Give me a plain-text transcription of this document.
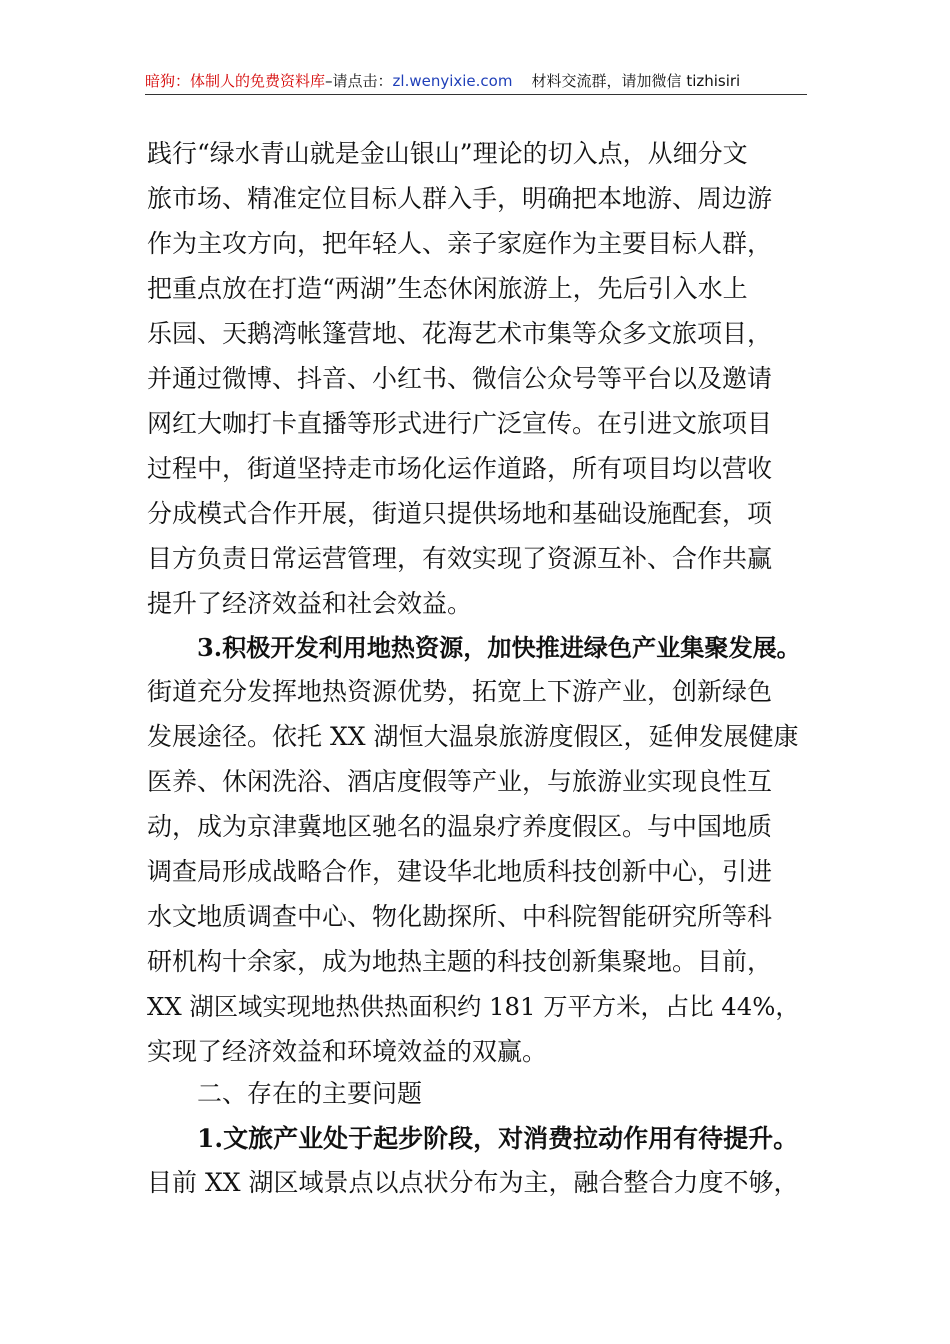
暗狗：体制人的免费资料库–请点击：zl.wenyixie.com 材料交流群，请加微信 tizhisiri
践行“绿水青山就是金山银山”理论的切入点，从细分文
旅市场、精准定位目标人群入手，明确把本地游、周边游
作为主攻方向，把年轻人、亲子家庭作为主要目标人群，
把重点放在打造“两湖”生态休闲旅游上，先后引入水上
乐园、天鹅湾帐篷营地、花海艺术市集等众多文旅项目，
并通过微博、抖音、小红书、微信公众号等平台以及邀请
网红大咖打卡直播等形式进行广泛宣传。在引进文旅项目
过程中，街道坚持走市场化运作道路，所有项目均以营收
分成模式合作开展，街道只提供场地和基础设施配套，项
目方负责日常运营管理，有效实现了资源互补、合作共赢
提升了经济效益和社会效益。
3.积极开发利用地热资源，加快推进绿色产业集聚发展。
街道充分发挥地热资源优势，拓宽上下游产业，创新绿色
发展途径。依托 XX 湖恒大温泉旅游度假区，延伸发展健康
医养、休闲洗浴、酒店度假等产业，与旅游业实现良性互
动，成为京津冀地区驰名的温泉疗养度假区。与中国地质
调查局形成战略合作，建设华北地质科技创新中心，引进
水文地质调查中心、物化勘探所、中科院智能研究所等科
研机构十余家，成为地热主题的科技创新集聚地。目前，
XX 湖区域实现地热供热面积约 181 万平方米，占比 44%，
实现了经济效益和环境效益的双赢。
二、存在的主要问题
1.文旅产业处于起步阶段，对消费拉动作用有待提升。
目前 XX 湖区域景点以点状分布为主，融合整合力度不够，
